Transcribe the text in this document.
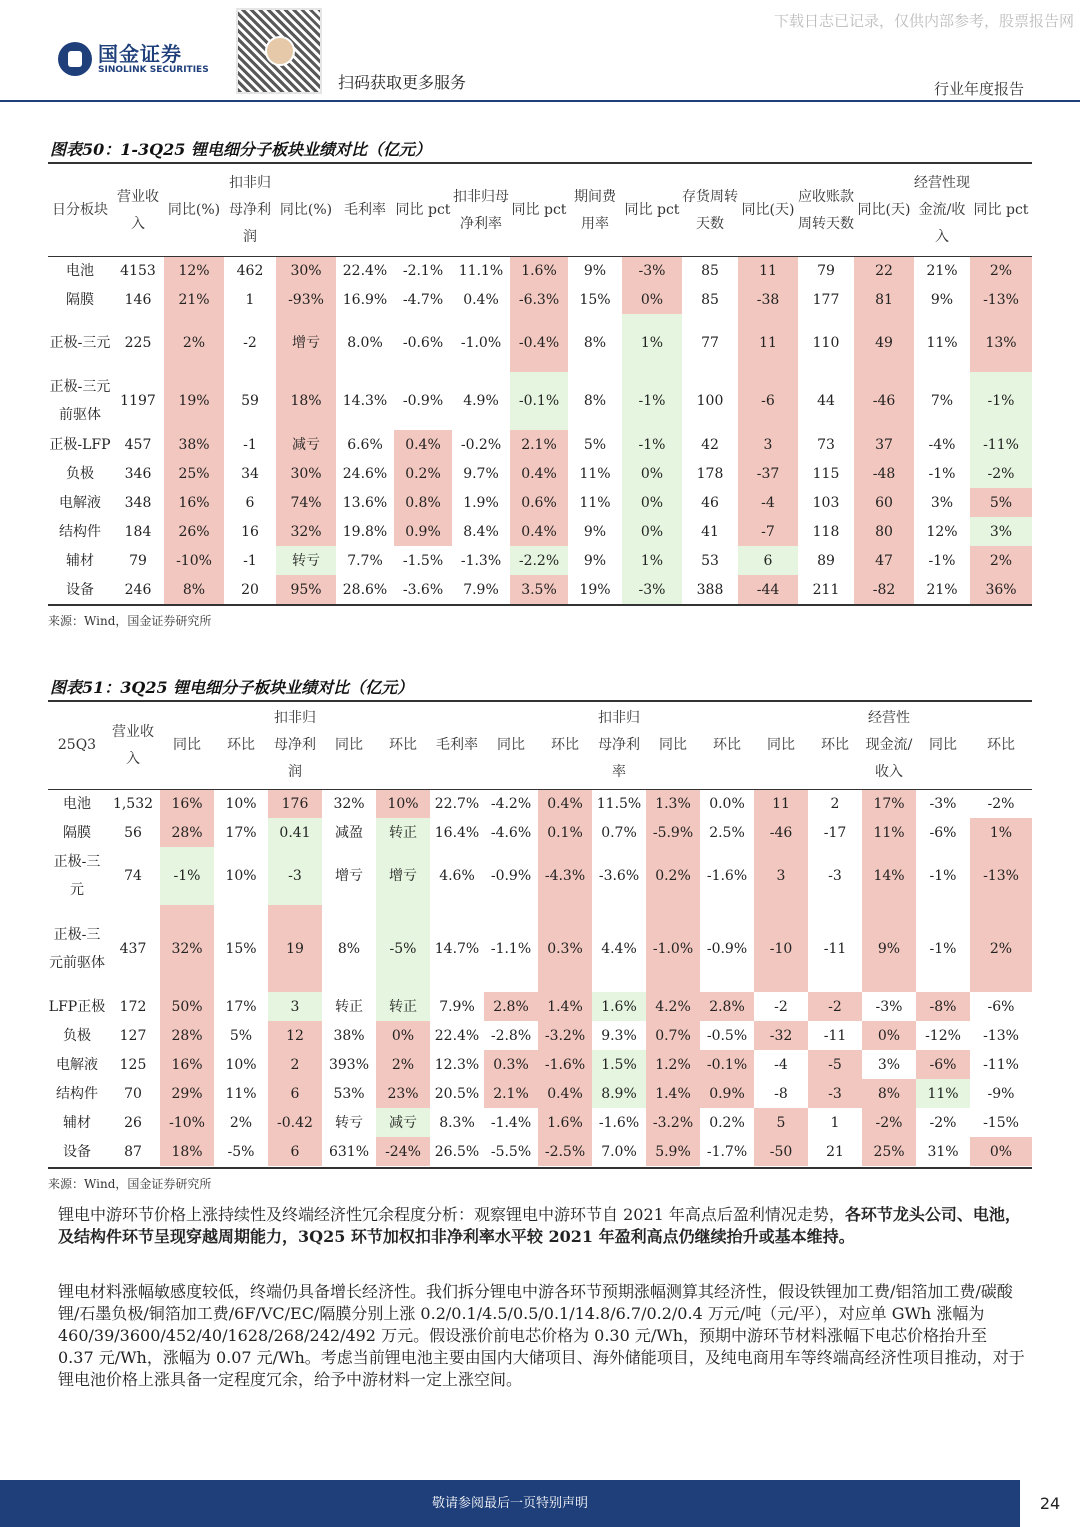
国金证券
SINOLINK SECURITIES
扫码获取更多服务
下载日志已记录，仅供内部参考，股票报告网
行业年度报告
图表50：1-3Q25 锂电细分子板块业绩对比（亿元）
日分板块	营业收入	同比(%)	扣非归母净利润	同比(%)	毛利率	同比 pct	扣非归母净利率	同比 pct	期间费用率	同比 pct	存货周转天数	同比(天)	应收账款周转天数	同比(天)	经营性现金流/收入	同比 pct
电池	4153	12%	462	30%	22.4%	-2.1%	11.1%	1.6%	9%	-3%	85	11	79	22	21%	2%
隔膜	146	21%	1	-93%	16.9%	-4.7%	0.4%	-6.3%	15%	0%	85	-38	177	81	9%	-13%
正极-三元	225	2%	-2	增亏	8.0%	-0.6%	-1.0%	-0.4%	8%	1%	77	11	110	49	11%	13%
正极-三元前驱体	1197	19%	59	18%	14.3%	-0.9%	4.9%	-0.1%	8%	-1%	100	-6	44	-46	7%	-1%
正极-LFP	457	38%	-1	减亏	6.6%	0.4%	-0.2%	2.1%	5%	-1%	42	3	73	37	-4%	-11%
负极	346	25%	34	30%	24.6%	0.2%	9.7%	0.4%	11%	0%	178	-37	115	-48	-1%	-2%
电解液	348	16%	6	74%	13.6%	0.8%	1.9%	0.6%	11%	0%	46	-4	103	60	3%	5%
结构件	184	26%	16	32%	19.8%	0.9%	8.4%	0.4%	9%	0%	41	-7	118	80	12%	3%
辅材	79	-10%	-1	转亏	7.7%	-1.5%	-1.3%	-2.2%	9%	1%	53	6	89	47	-1%	2%
设备	246	8%	20	95%	28.6%	-3.6%	7.9%	3.5%	19%	-3%	388	-44	211	-82	21%	36%
来源：Wind，国金证券研究所
图表51：3Q25 锂电细分子板块业绩对比（亿元）
25Q3	营业收入	同比	环比	扣非归母净利润	同比	环比	毛利率	同比	环比	扣非归母净利率	同比	环比	同比	环比	经营性现金流/收入	同比	环比
电池	1,532	16%	10%	176	32%	10%	22.7%	-4.2%	0.4%	11.5%	1.3%	0.0%	11	2	17%	-3%	-2%
隔膜	56	28%	17%	0.41	减盈	转正	16.4%	-4.6%	0.1%	0.7%	-5.9%	2.5%	-46	-17	11%	-6%	1%
正极-三元	74	-1%	10%	-3	增亏	增亏	4.6%	-0.9%	-4.3%	-3.6%	0.2%	-1.6%	3	-3	14%	-1%	-13%
正极-三元前驱体	437	32%	15%	19	8%	-5%	14.7%	-1.1%	0.3%	4.4%	-1.0%	-0.9%	-10	-11	9%	-1%	2%
LFP正极	172	50%	17%	3	转正	转正	7.9%	2.8%	1.4%	1.6%	4.2%	2.8%	-2	-2	-3%	-8%	-6%
负极	127	28%	5%	12	38%	0%	22.4%	-2.8%	-3.2%	9.3%	0.7%	-0.5%	-32	-11	0%	-12%	-13%
电解液	125	16%	10%	2	393%	2%	12.3%	0.3%	-1.6%	1.5%	1.2%	-0.1%	-4	-5	3%	-6%	-11%
结构件	70	29%	11%	6	53%	23%	20.5%	2.1%	0.4%	8.9%	1.4%	0.9%	-8	-3	8%	11%	-9%
辅材	26	-10%	2%	-0.42	转亏	减亏	8.3%	-1.4%	1.6%	-1.6%	-3.2%	0.2%	5	1	-2%	-2%	-15%
设备	87	18%	-5%	6	631%	-24%	26.5%	-5.5%	-2.5%	7.0%	5.9%	-1.7%	-50	21	25%	31%	0%
来源：Wind，国金证券研究所
锂电中游环节价格上涨持续性及终端经济性冗余程度分析：观察锂电中游环节自 2021 年高点后盈利情况走势，各环节龙头公司、电池，及结构件环节呈现穿越周期能力，3Q25 环节加权扣非净利率水平较 2021 年盈利高点仍继续抬升或基本维持。
锂电材料涨幅敏感度较低，终端仍具备增长经济性。我们拆分锂电中游各环节预期涨幅测算其经济性，假设铁锂加工费/铝箔加工费/碳酸锂/石墨负极/铜箔加工费/6F/VC/EC/隔膜分别上涨 0.2/0.1/4.5/0.5/0.1/14.8/6.7/0.2/0.4 万元/吨（元/平），对应单 GWh 涨幅为 460/39/3600/452/40/1628/268/242/492 万元。假设涨价前电芯价格为 0.30 元/Wh，预期中游环节材料涨幅下电芯价格抬升至 0.37 元/Wh，涨幅为 0.07 元/Wh。考虑当前锂电池主要由国内大储项目、海外储能项目，及纯电商用车等终端高经济性项目推动，对于锂电池价格上涨具备一定程度冗余，给予中游材料一定上涨空间。
敬请参阅最后一页特别声明	24
